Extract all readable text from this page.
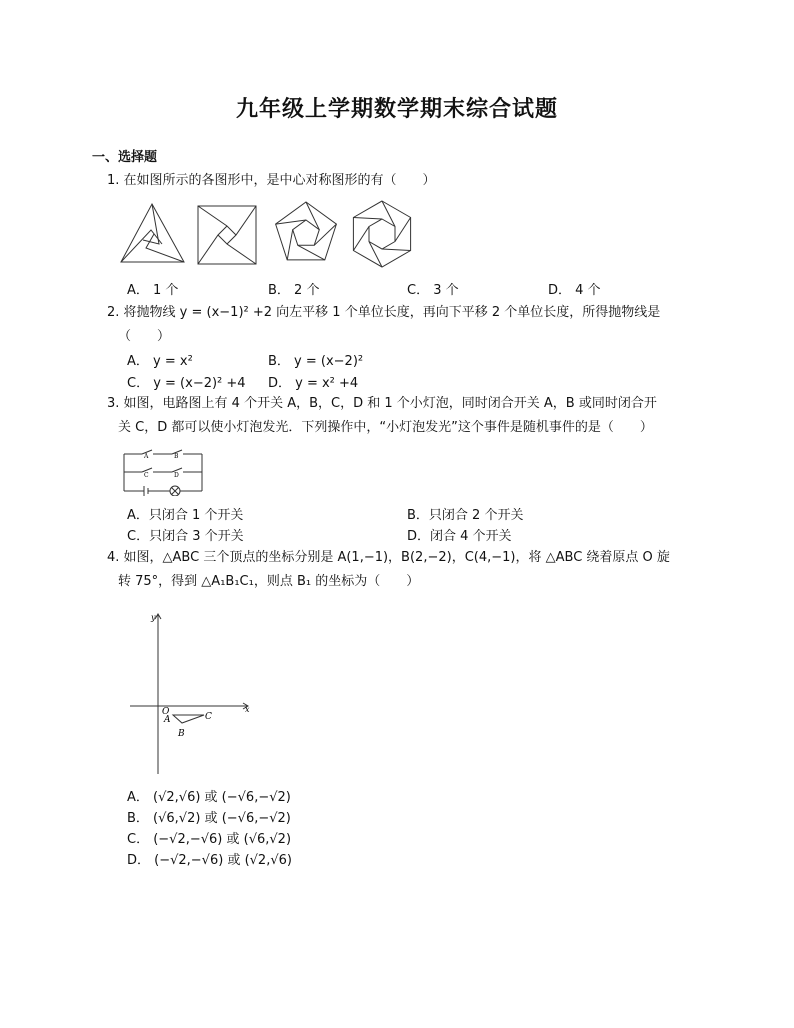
九年级上学期数学期末综合试题
一、选择题
1. 在如图所示的各图形中，是中心对称图形的有（　　）
A． 1 个	B． 2 个	C． 3 个	D． 4 个
2. 将抛物线 y = (x−1)² +2 向左平移 1 个单位长度，再向下平移 2 个单位长度，所得抛物线是
（　　）
A． y = x²	B． y = (x−2)²
C． y = (x−2)² +4 D． y = x² +4
3. 如图，电路图上有 4 个开关 A，B，C，D 和 1 个小灯泡，同时闭合开关 A，B 或同时闭合开
关 C，D 都可以使小灯泡发光．下列操作中，“小灯泡发光”这个事件是随机事件的是（　　）
A	B
C	D
A．只闭合 1 个开关	B．只闭合 2 个开关
C．只闭合 3 个开关	D．闭合 4 个开关
4. 如图，△ABC 三个顶点的坐标分别是 A(1,−1)，B(2,−2)，C(4,−1)，将 △ABC 绕着原点 O 旋
转 75°，得到 △A₁B₁C₁，则点 B₁ 的坐标为（　　）
y
x
O
A
B
C
A． (√2,√6) 或 (−√6,−√2)
B． (√6,√2) 或 (−√6,−√2)
C． (−√2,−√6) 或 (√6,√2)
D． (−√2,−√6) 或 (√2,√6)
